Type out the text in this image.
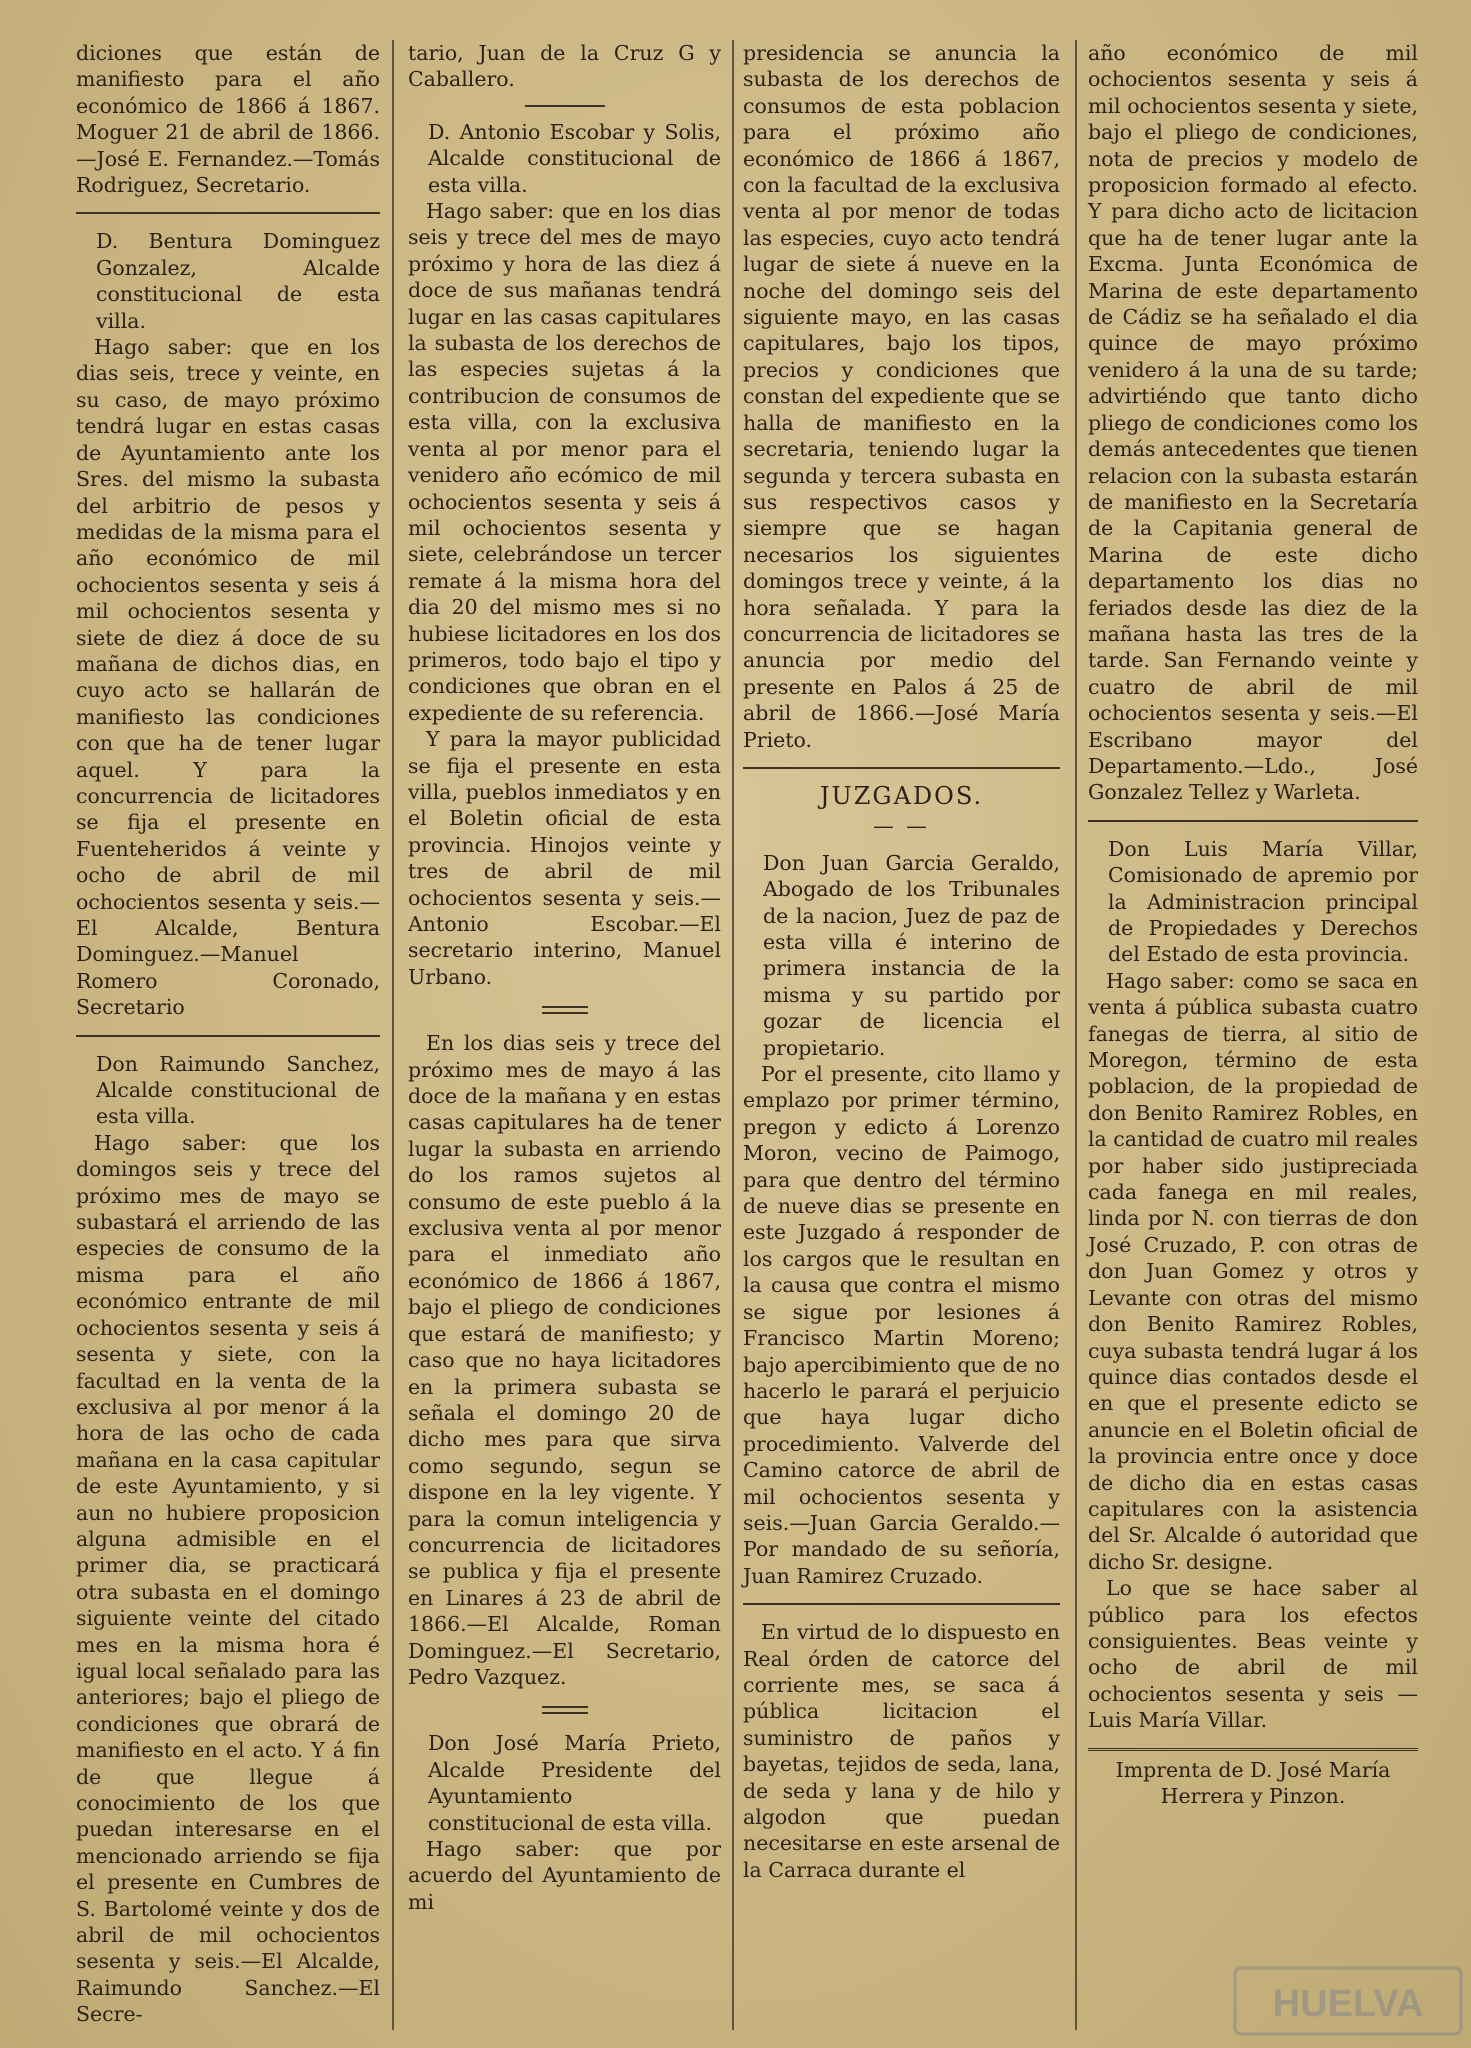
diciones que están de manifiesto para el año económico de 1866 á 1867. Moguer 21 de abril de 1866.—José E. Fernandez.—Tomás Rodriguez, Secretario.

D. Bentura Dominguez Gonzalez, Alcalde constitucional de esta villa.

Hago saber: que en los dias seis, trece y veinte, en su caso, de mayo próximo tendrá lugar en estas casas de Ayuntamiento ante los Sres. del mismo la subasta del arbitrio de pesos y medidas de la misma para el año económico de mil ochocientos sesenta y seis á mil ochocientos sesenta y siete de diez á doce de su mañana de dichos dias, en cuyo acto se hallarán de manifiesto las condiciones con que ha de tener lugar aquel. Y para la concurrencia de licitadores se fija el presente en Fuenteheridos á veinte y ocho de abril de mil ochocientos sesenta y seis.—El Alcalde, Bentura Dominguez.—Manuel Romero Coronado, Secretario

Don Raimundo Sanchez, Alcalde constitucional de esta villa.

Hago saber: que los domingos seis y trece del próximo mes de mayo se subastará el arriendo de las especies de consumo de la misma para el año económico entrante de mil ochocientos sesenta y seis á sesenta y siete, con la facultad en la venta de la exclusiva al por menor á la hora de las ocho de cada mañana en la casa capitular de este Ayuntamiento, y si aun no hubiere proposicion alguna admisible en el primer dia, se practicará otra subasta en el domingo siguiente veinte del citado mes en la misma hora é igual local señalado para las anteriores; bajo el pliego de condiciones que obrará de manifiesto en el acto. Y á fin de que llegue á conocimiento de los que puedan interesarse en el mencionado arriendo se fija el presente en Cumbres de S. Bartolomé veinte y dos de abril de mil ochocientos sesenta y seis.—El Alcalde, Raimundo Sanchez.—El Secre-

tario, Juan de la Cruz G y Caballero.

D. Antonio Escobar y Solis, Alcalde constitucional de esta villa.

Hago saber: que en los dias seis y trece del mes de mayo próximo y hora de las diez á doce de sus mañanas tendrá lugar en las casas capitulares la subasta de los derechos de las especies sujetas á la contribucion de consumos de esta villa, con la exclusiva venta al por menor para el venidero año ecómico de mil ochocientos sesenta y seis á mil ochocientos sesenta y siete, celebrándose un tercer remate á la misma hora del dia 20 del mismo mes si no hubiese licitadores en los dos primeros, todo bajo el tipo y condiciones que obran en el expediente de su referencia.

Y para la mayor publicidad se fija el presente en esta villa, pueblos inmediatos y en el Boletin oficial de esta provincia. Hinojos veinte y tres de abril de mil ochocientos sesenta y seis.—Antonio Escobar.—El secretario interino, Manuel Urbano.

En los dias seis y trece del próximo mes de mayo á las doce de la mañana y en estas casas capitulares ha de tener lugar la subasta en arriendo do los ramos sujetos al consumo de este pueblo á la exclusiva venta al por menor para el inmediato año económico de 1866 á 1867, bajo el pliego de condiciones que estará de manifiesto; y caso que no haya licitadores en la primera subasta se señala el domingo 20 de dicho mes para que sirva como segundo, segun se dispone en la ley vigente. Y para la comun inteligencia y concurrencia de licitadores se publica y fija el presente en Linares á 23 de abril de 1866.—El Alcalde, Roman Dominguez.—El Secretario, Pedro Vazquez.

Don José María Prieto, Alcalde Presidente del Ayuntamiento constitucional de esta villa.

Hago saber: que por acuerdo del Ayuntamiento de mi

presidencia se anuncia la subasta de los derechos de consumos de esta poblacion para el próximo año económico de 1866 á 1867, con la facultad de la exclusiva venta al por menor de todas las especies, cuyo acto tendrá lugar de siete á nueve en la noche del domingo seis del siguiente mayo, en las casas capitulares, bajo los tipos, precios y condiciones que constan del expediente que se halla de manifiesto en la secretaria, teniendo lugar la segunda y tercera subasta en sus respectivos casos y siempre que se hagan necesarios los siguientes domingos trece y veinte, á la hora señalada. Y para la concurrencia de licitadores se anuncia por medio del presente en Palos á 25 de abril de 1866.—José María Prieto.

JUZGADOS.
— —

Don Juan Garcia Geraldo, Abogado de los Tribunales de la nacion, Juez de paz de esta villa é interino de primera instancia de la misma y su partido por gozar de licencia el propietario.

Por el presente, cito llamo y emplazo por primer término, pregon y edicto á Lorenzo Moron, vecino de Paimogo, para que dentro del término de nueve dias se presente en este Juzgado á responder de los cargos que le resultan en la causa que contra el mismo se sigue por lesiones á Francisco Martin Moreno; bajo apercibimiento que de no hacerlo le parará el perjuicio que haya lugar dicho procedimiento. Valverde del Camino catorce de abril de mil ochocientos sesenta y seis.—Juan Garcia Geraldo.—Por mandado de su señoría, Juan Ramirez Cruzado.

En virtud de lo dispuesto en Real órden de catorce del corriente mes, se saca á pública licitacion el suministro de paños y bayetas, tejidos de seda, lana, de seda y lana y de hilo y algodon que puedan necesitarse en este arsenal de la Carraca durante el

año económico de mil ochocientos sesenta y seis á mil ochocientos sesenta y siete, bajo el pliego de condiciones, nota de precios y modelo de proposicion formado al efecto. Y para dicho acto de licitacion que ha de tener lugar ante la Excma. Junta Económica de Marina de este departamento de Cádiz se ha señalado el dia quince de mayo próximo venidero á la una de su tarde; advirtiéndo que tanto dicho pliego de condiciones como los demás antecedentes que tienen relacion con la subasta estarán de manifiesto en la Secretaría de la Capitania general de Marina de este dicho departamento los dias no feriados desde las diez de la mañana hasta las tres de la tarde. San Fernando veinte y cuatro de abril de mil ochocientos sesenta y seis.—El Escribano mayor del Departamento.—Ldo., José Gonzalez Tellez y Warleta.

Don Luis María Villar, Comisionado de apremio por la Administracion principal de Propiedades y Derechos del Estado de esta provincia.

Hago saber: como se saca en venta á pública subasta cuatro fanegas de tierra, al sitio de Moregon, término de esta poblacion, de la propiedad de don Benito Ramirez Robles, en la cantidad de cuatro mil reales por haber sido justipreciada cada fanega en mil reales, linda por N. con tierras de don José Cruzado, P. con otras de don Juan Gomez y otros y Levante con otras del mismo don Benito Ramirez Robles, cuya subasta tendrá lugar á los quince dias contados desde el en que el presente edicto se anuncie en el Boletin oficial de la provincia entre once y doce de dicho dia en estas casas capitulares con la asistencia del Sr. Alcalde ó autoridad que dicho Sr. designe.

Lo que se hace saber al público para los efectos consiguientes. Beas veinte y ocho de abril de mil ochocientos sesenta y seis —Luis María Villar.

Imprenta de D. José María Herrera y Pinzon.
HUELVA
